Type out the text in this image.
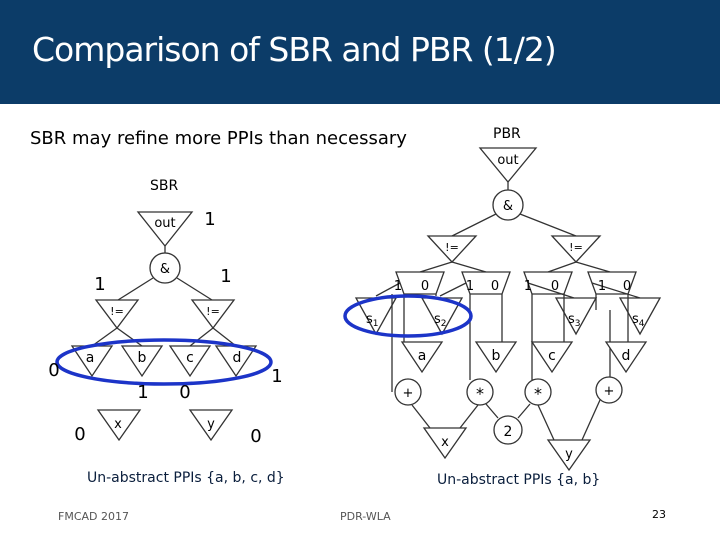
Comparison of SBR and PBR (1/2)
SBR may refine more PPIs than necessary
SBR
PBR
out
&
!=	!=
a	b	c	d
x	y
1
1	1
0
1 0
1
0	0
out
&
!=	!=
1 0	1 0 1 0	1 0
$s_1$	$s_2$	$s_3$	$s_4$
a	b	c	d
+	*	*	+
x
2
y
Un-abstract PPIs {a, b, c, d}	Un-abstract PPIs {a, b}
FMCAD 2017	PDR-WLA	23
